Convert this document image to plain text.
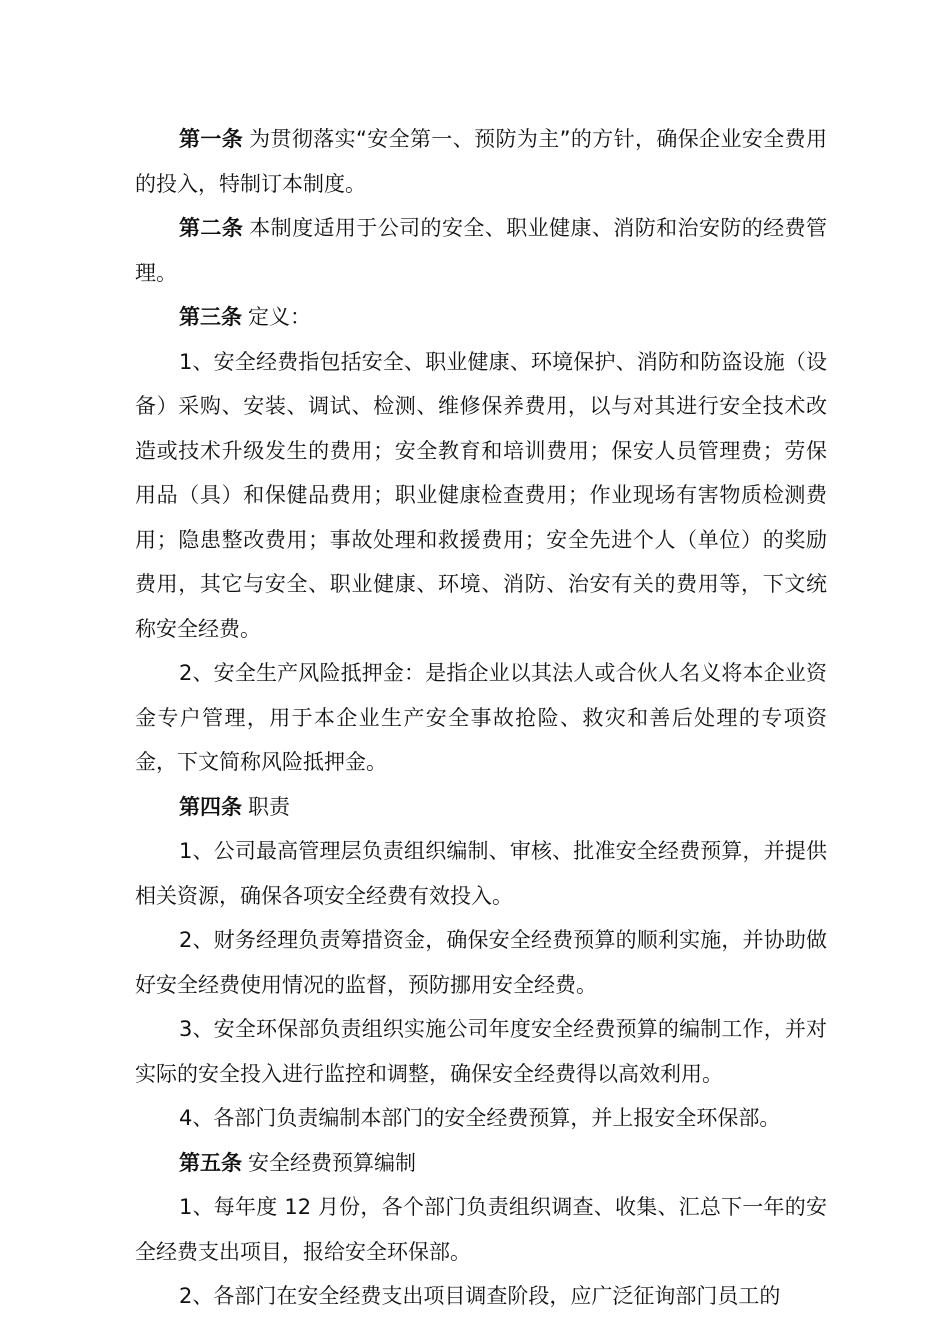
第一条 为贯彻落实“安全第一、预防为主”的方针，确保企业安全费用的投入，特制订本制度。

第二条 本制度适用于公司的安全、职业健康、消防和治安防的经费管理。

第三条 定义：

1、安全经费指包括安全、职业健康、环境保护、消防和防盗设施（设备）采购、安装、调试、检测、维修保养费用，以与对其进行安全技术改造或技术升级发生的费用；安全教育和培训费用；保安人员管理费；劳保用品（具）和保健品费用；职业健康检查费用；作业现场有害物质检测费用；隐患整改费用；事故处理和救援费用；安全先进个人（单位）的奖励费用，其它与安全、职业健康、环境、消防、治安有关的费用等，下文统称安全经费。

2、安全生产风险抵押金：是指企业以其法人或合伙人名义将本企业资金专户管理，用于本企业生产安全事故抢险、救灾和善后处理的专项资金，下文简称风险抵押金。

第四条 职责

1、公司最高管理层负责组织编制、审核、批准安全经费预算，并提供相关资源，确保各项安全经费有效投入。

2、财务经理负责筹措资金，确保安全经费预算的顺利实施，并协助做好安全经费使用情况的监督，预防挪用安全经费。

3、安全环保部负责组织实施公司年度安全经费预算的编制工作，并对实际的安全投入进行监控和调整，确保安全经费得以高效利用。

4、各部门负责编制本部门的安全经费预算，并上报安全环保部。

第五条 安全经费预算编制

1、每年度 12 月份，各个部门负责组织调查、收集、汇总下一年的安全经费支出项目，报给安全环保部。

2、各部门在安全经费支出项目调查阶段，应广泛征询部门员工的
